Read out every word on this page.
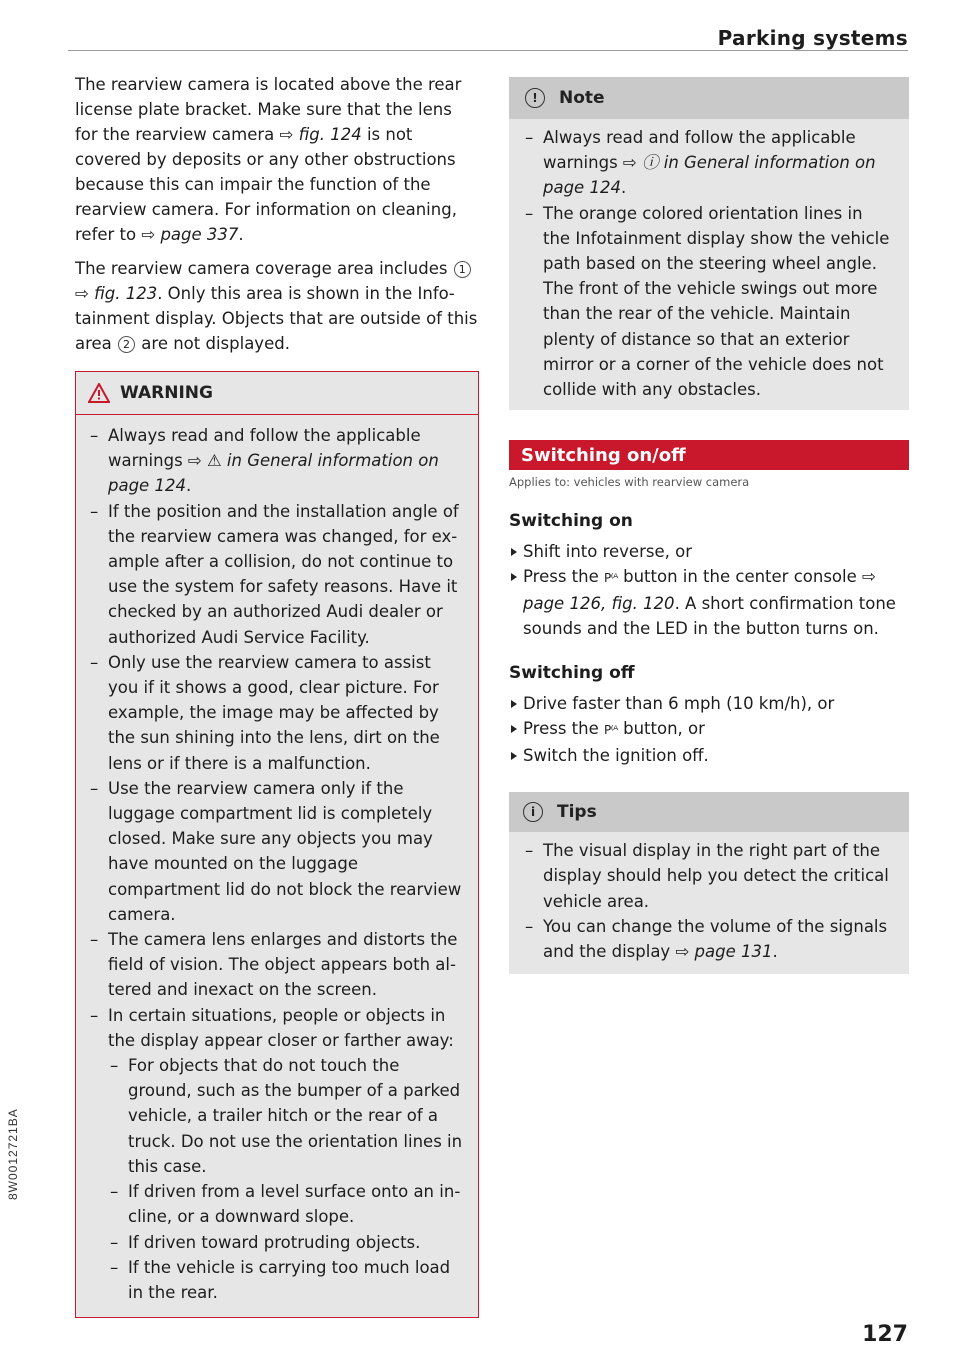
Parking systems
8W0012721BA

The rearview camera is located above the rear license plate bracket. Make sure that the lens for the rearview camera ⇨ fig. 124 is not covered by deposits or any other obstructions because this can impair the function of the rearview camera. For information on cleaning, refer to ⇨ page 337.

The rearview camera coverage area includes 1 ⇨ fig. 123. Only this area is shown in the Infotainment display. Objects that are outside of this area 2 are not displayed.

WARNING
– Always read and follow the applicable warnings ⇨ ⚠ in General information on page 124.
– If the position and the installation angle of the rearview camera was changed, for example after a collision, do not continue to use the system for safety reasons. Have it checked by an authorized Audi dealer or authorized Audi Service Facility.
– Only use the rearview camera to assist you if it shows a good, clear picture. For example, the image may be affected by the sun shining into the lens, dirt on the lens or if there is a malfunction.
– Use the rearview camera only if the luggage compartment lid is completely closed. Make sure any objects you may have mounted on the luggage compartment lid do not block the rearview camera.
– The camera lens enlarges and distorts the field of vision. The object appears both altered and inexact on the screen.
– In certain situations, people or objects in the display appear closer or farther away:
– For objects that do not touch the ground, such as the bumper of a parked vehicle, a trailer hitch or the rear of a truck. Do not use the orientation lines in this case.
– If driven from a level surface onto an incline, or a downward slope.
– If driven toward protruding objects.
– If the vehicle is carrying too much load in the rear.
!	Note
– Always read and follow the applicable warnings ⇨ ⓘ in General information on page 124.
– The orange colored orientation lines in the Infotainment display show the vehicle path based on the steering wheel angle. The front of the vehicle swings out more than the rear of the vehicle. Maintain plenty of distance so that an exterior mirror or a corner of the vehicle does not collide with any obstacles.
Switching on/off
Applies to: vehicles with rearview camera
Switching on
Shift into reverse, or
Press the P⁽ᴬ button in the center console ⇨ page 126, fig. 120. A short confirmation tone sounds and the LED in the button turns on.
Switching off
Drive faster than 6 mph (10 km/h), or
Press the P⁽ᴬ button, or
Switch the ignition off.
i	Tips
– The visual display in the right part of the display should help you detect the critical vehicle area.
– You can change the volume of the signals and the display ⇨ page 131.
127
